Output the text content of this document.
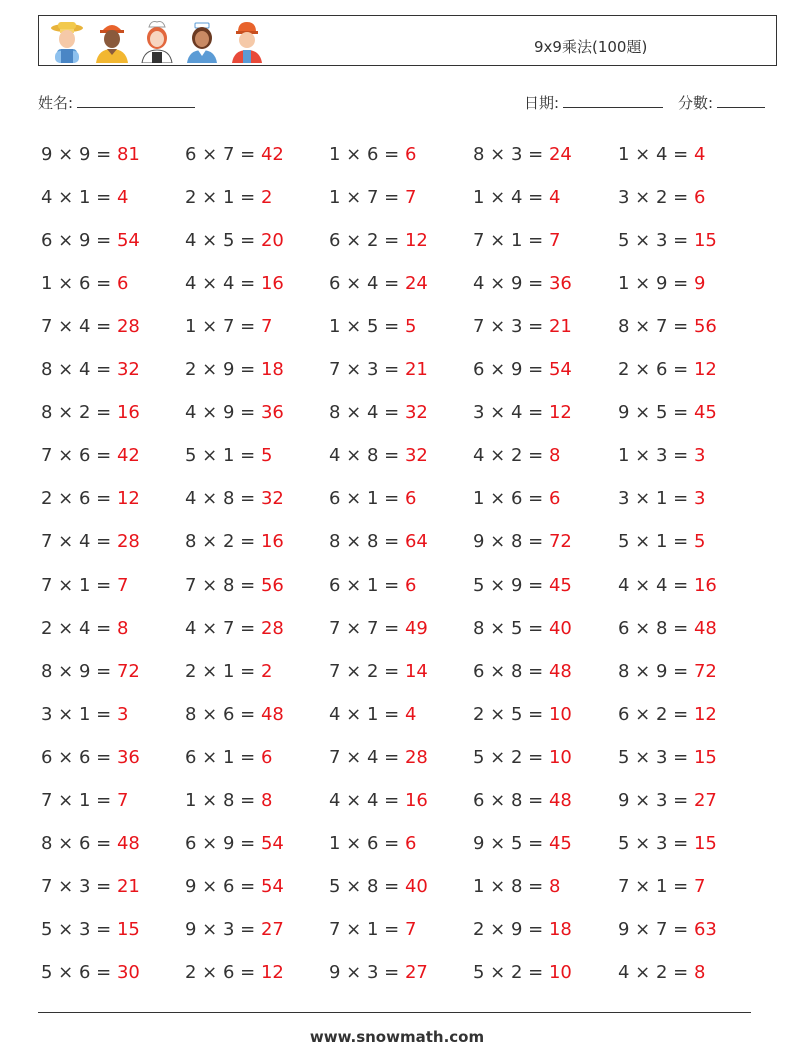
9x9乘法(100題)
姓名:	日期:	分數:
9 × 9 = 81	6 × 7 = 42	1 × 6 = 6	8 × 3 = 24	1 × 4 = 4
4 × 1 = 4	2 × 1 = 2	1 × 7 = 7	1 × 4 = 4	3 × 2 = 6
6 × 9 = 54	4 × 5 = 20	6 × 2 = 12	7 × 1 = 7	5 × 3 = 15
1 × 6 = 6	4 × 4 = 16	6 × 4 = 24	4 × 9 = 36	1 × 9 = 9
7 × 4 = 28	1 × 7 = 7	1 × 5 = 5	7 × 3 = 21	8 × 7 = 56
8 × 4 = 32	2 × 9 = 18	7 × 3 = 21	6 × 9 = 54	2 × 6 = 12
8 × 2 = 16	4 × 9 = 36	8 × 4 = 32	3 × 4 = 12	9 × 5 = 45
7 × 6 = 42	5 × 1 = 5	4 × 8 = 32	4 × 2 = 8	1 × 3 = 3
2 × 6 = 12	4 × 8 = 32	6 × 1 = 6	1 × 6 = 6	3 × 1 = 3
7 × 4 = 28	8 × 2 = 16	8 × 8 = 64	9 × 8 = 72	5 × 1 = 5
7 × 1 = 7	7 × 8 = 56	6 × 1 = 6	5 × 9 = 45	4 × 4 = 16
2 × 4 = 8	4 × 7 = 28	7 × 7 = 49	8 × 5 = 40	6 × 8 = 48
8 × 9 = 72	2 × 1 = 2	7 × 2 = 14	6 × 8 = 48	8 × 9 = 72
3 × 1 = 3	8 × 6 = 48	4 × 1 = 4	2 × 5 = 10	6 × 2 = 12
6 × 6 = 36	6 × 1 = 6	7 × 4 = 28	5 × 2 = 10	5 × 3 = 15
7 × 1 = 7	1 × 8 = 8	4 × 4 = 16	6 × 8 = 48	9 × 3 = 27
8 × 6 = 48	6 × 9 = 54	1 × 6 = 6	9 × 5 = 45	5 × 3 = 15
7 × 3 = 21	9 × 6 = 54	5 × 8 = 40	1 × 8 = 8	7 × 1 = 7
5 × 3 = 15	9 × 3 = 27	7 × 1 = 7	2 × 9 = 18	9 × 7 = 63
5 × 6 = 30	2 × 6 = 12	9 × 3 = 27	5 × 2 = 10	4 × 2 = 8
www.snowmath.com
